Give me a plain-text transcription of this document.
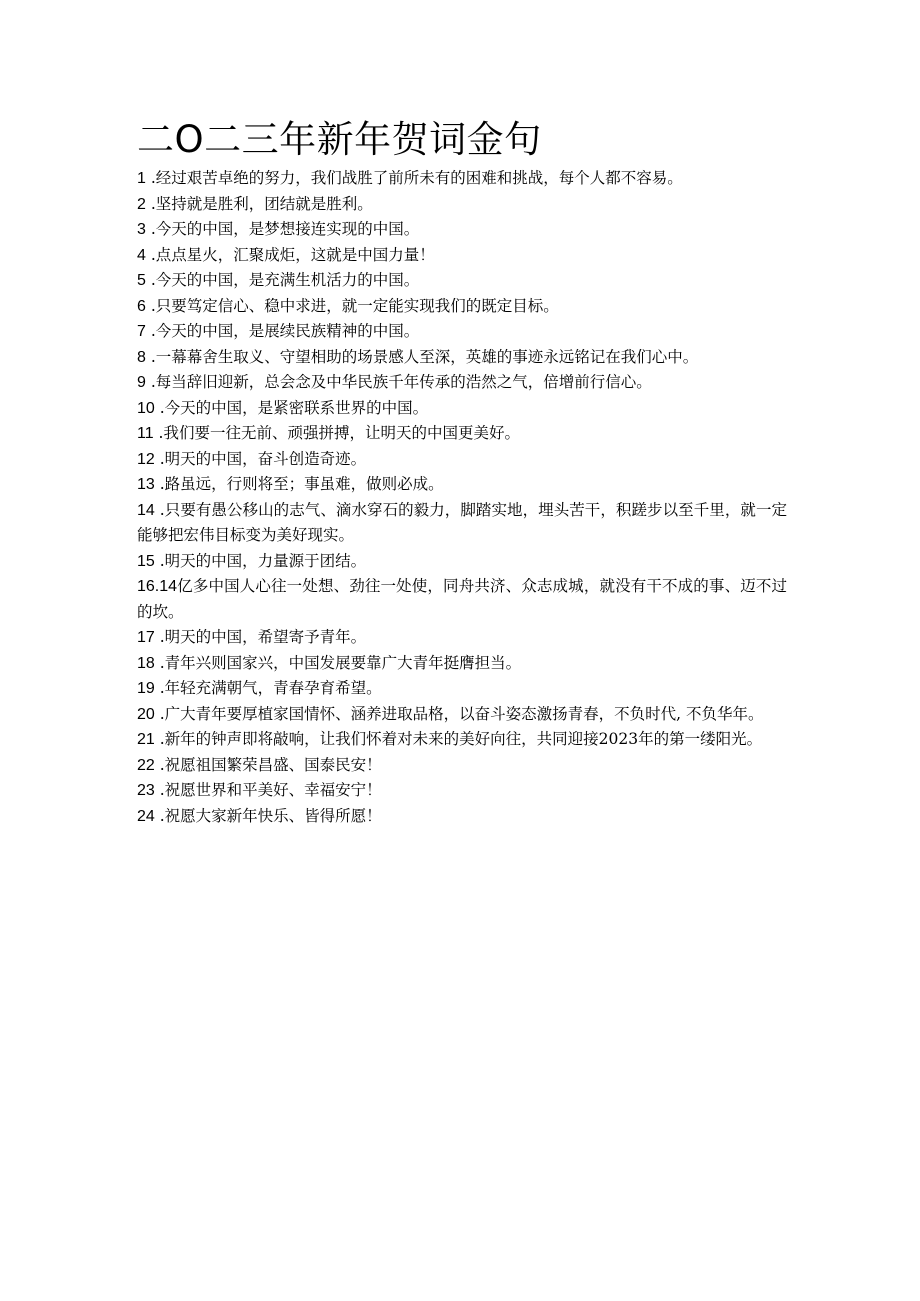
二O二三年新年贺词金句
1 .经过艰苦卓绝的努力，我们战胜了前所未有的困难和挑战，每个人都不容易。
2 .坚持就是胜利，团结就是胜利。
3 .今天的中国，是梦想接连实现的中国。
4 .点点星火，汇聚成炬，这就是中国力量！
5 .今天的中国，是充满生机活力的中国。
6 .只要笃定信心、稳中求进，就一定能实现我们的既定目标。
7 .今天的中国，是展续民族精神的中国。
8 .一幕幕舍生取义、守望相助的场景感人至深，英雄的事迹永远铭记在我们心中。
9 .每当辞旧迎新，总会念及中华民族千年传承的浩然之气，倍增前行信心。
10 .今天的中国，是紧密联系世界的中国。
11 .我们要一往无前、顽强拼搏，让明天的中国更美好。
12 .明天的中国，奋斗创造奇迹。
13 .路虽远，行则将至；事虽难，做则必成。
14 .只要有愚公移山的志气、滴水穿石的毅力，脚踏实地，埋头苦干，积蹉步以至千里，就一定能够把宏伟目标变为美好现实。
15 .明天的中国，力量源于团结。
16.14亿多中国人心往一处想、劲往一处使，同舟共济、众志成城，就没有干不成的事、迈不过的坎。
17 .明天的中国，希望寄予青年。
18 .青年兴则国家兴，中国发展要靠广大青年挺膺担当。
19 .年轻充满朝气，青春孕育希望。
20 .广大青年要厚植家国情怀、涵养进取品格，以奋斗姿态激扬青春，不负时代, 不负华年。
21 .新年的钟声即将敲响，让我们怀着对未来的美好向往，共同迎接2023年的第一缕阳光。
22 .祝愿祖国繁荣昌盛、国泰民安！
23 .祝愿世界和平美好、幸福安宁！
24 .祝愿大家新年快乐、皆得所愿！
